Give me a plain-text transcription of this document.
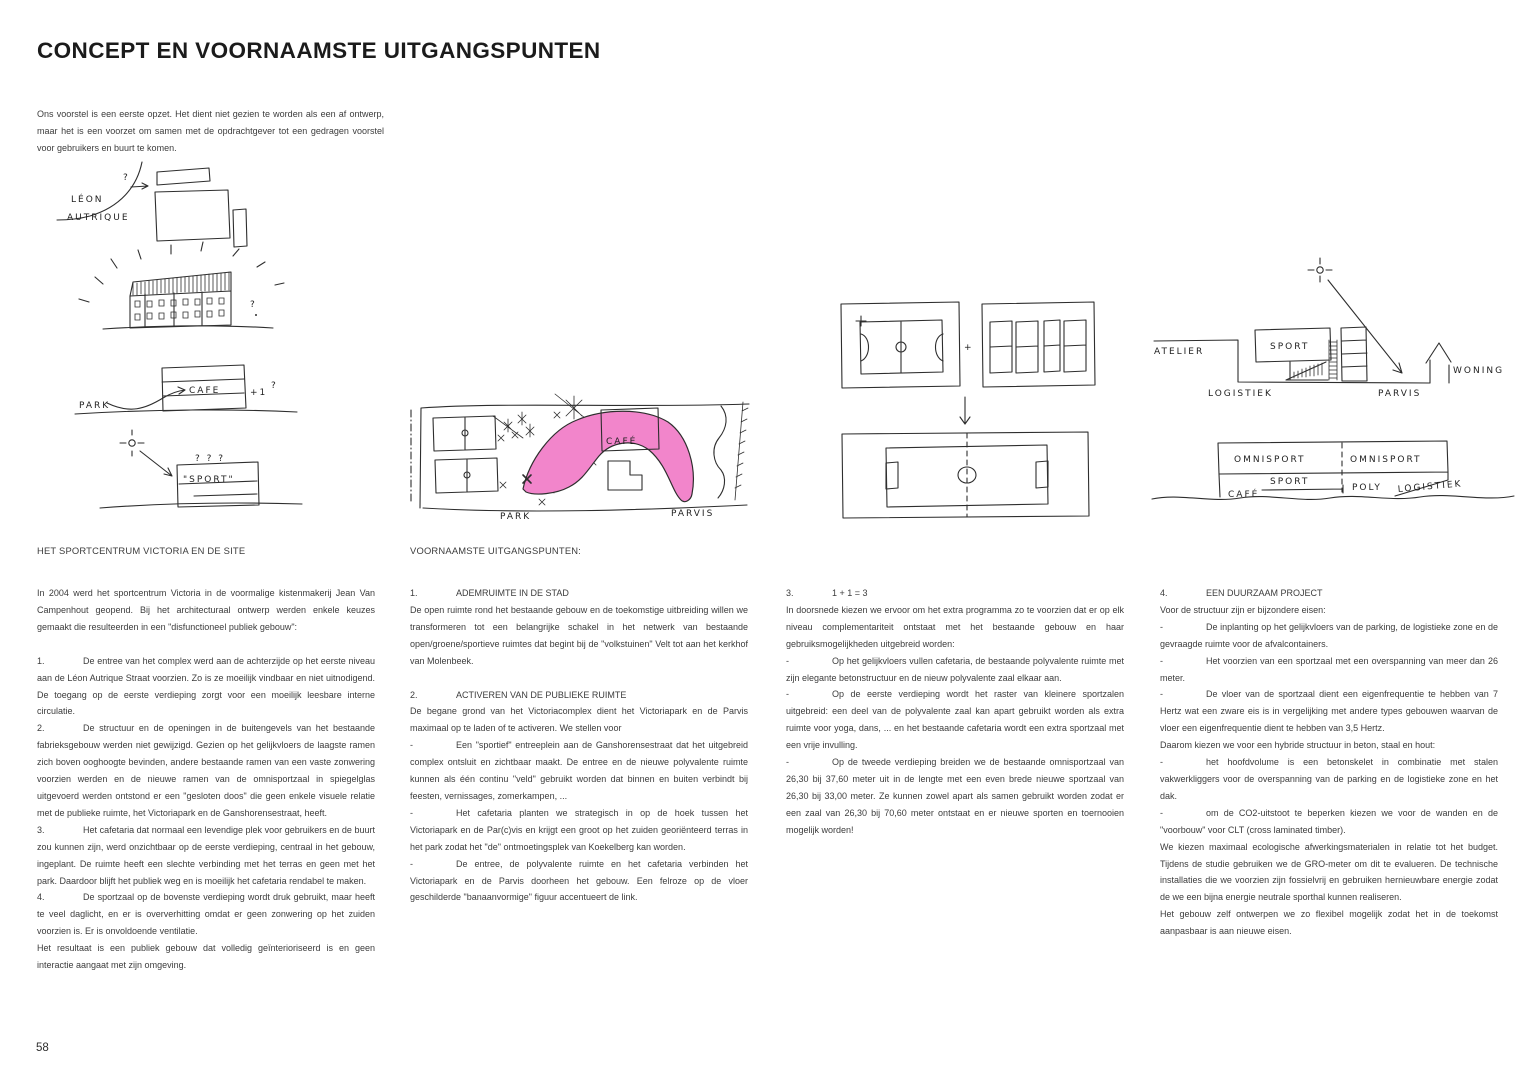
CONCEPT EN VOORNAAMSTE UITGANGSPUNTEN
Ons voorstel is een eerste opzet. Het dient niet gezien te worden als een af ontwerp, maar het is een voorzet om samen met de opdrachtgever tot een gedragen voorstel voor gebruikers en buurt te komen.
?
LÉON
AUTRIQUE
?
CAFE
PARK
+1
?
? ? ?
"SPORT"
CAFÉ
PARK	PARVIS
+	SPORT
ATELIER
LOGISTIEK	PARVIS
WONING
OMNISPORT	OMNISPORT
SPORT
CAFÉ
POLY LOGISTIEK
HET SPORTCENTRUM VICTORIA EN DE SITE

In 2004 werd het sportcentrum Victoria in de voormalige kistenmakerij Jean Van Campenhout geopend. Bij het architecturaal ontwerp werden enkele keuzes gemaakt die resulteerden in een "disfunctioneel publiek gebouw":

1.	De entree van het complex werd aan de achterzijde op het eerste niveau aan de Léon Autrique Straat voorzien. Zo is ze moeilijk vindbaar en niet uitnodigend. De toegang op de eerste verdieping zorgt voor een moeilijk leesbare interne circulatie.

2.	De structuur en de openingen in de buitengevels van het bestaande fabrieksgebouw werden niet gewijzigd. Gezien op het gelijkvloers de laagste ramen zich boven ooghoogte bevinden, andere bestaande ramen van een vaste zonwering voorzien werden en de nieuwe ramen van de omnisportzaal in spiegelglas uitgevoerd werden ontstond er een "gesloten doos" die geen enkele visuele relatie met de publieke ruimte, het Victoriapark en de Ganshorensestraat, heeft.

3.	Het cafetaria dat normaal een levendige plek voor gebruikers en de buurt zou kunnen zijn, werd onzichtbaar op de eerste verdieping, centraal in het gebouw, ingeplant. De ruimte heeft een slechte verbinding met het terras en geen met het park. Daardoor blijft het publiek weg en is moeilijk het cafetaria rendabel te maken.

4.	De sportzaal op de bovenste verdieping wordt druk gebruikt, maar heeft te veel daglicht, en er is oververhitting omdat er geen zonwering op het zuiden voorzien is. Er is onvoldoende ventilatie.

Het resultaat is een publiek gebouw dat volledig geïnterioriseerd is en geen interactie aangaat met zijn omgeving.

VOORNAAMSTE UITGANGSPUNTEN:

1.	ADEMRUIMTE IN DE STAD

De open ruimte rond het bestaande gebouw en de toekomstige uitbreiding willen we transformeren tot een belangrijke schakel in het netwerk van bestaande open/groene/sportieve ruimtes dat begint bij de "volkstuinen" Velt tot aan het kerkhof van Molenbeek.

2.	ACTIVEREN VAN DE PUBLIEKE RUIMTE

De begane grond van het Victoriacomplex dient het Victoriapark en de Parvis maximaal op te laden of te activeren. We stellen voor

-	Een "sportief" entreeplein aan de Ganshorensestraat dat het uitgebreid complex ontsluit en zichtbaar maakt. De entree en de nieuwe polyvalente ruimte kunnen als één continu "veld" gebruikt worden dat binnen en buiten verbindt bij feesten, vernissages, zomerkampen, ...

-	Het cafetaria planten we strategisch in op de hoek tussen het Victoriapark en de Par(c)vis en krijgt een groot op het zuiden georiënteerd terras in het park zodat het "de" ontmoetingsplek van Koekelberg kan worden.

-	De entree, de polyvalente ruimte en het cafetaria verbinden het Victoriapark en de Parvis doorheen het gebouw. Een felroze op de vloer geschilderde "banaanvormige" figuur accentueert de link.

3.	1 + 1 = 3

In doorsnede kiezen we ervoor om het extra programma zo te voorzien dat er op elk niveau complementariteit ontstaat met het bestaande gebouw en haar gebruiksmogelijkheden uitgebreid worden:

-	Op het gelijkvloers vullen cafetaria, de bestaande polyvalente ruimte met zijn elegante betonstructuur en de nieuw polyvalente zaal elkaar aan.

-	Op de eerste verdieping wordt het raster van kleinere sportzalen uitgebreid: een deel van de polyvalente zaal kan apart gebruikt worden als extra ruimte voor yoga, dans, ... en het bestaande cafetaria wordt een extra sportzaal met een vrije invulling.

-	Op de tweede verdieping breiden we de bestaande omnisportzaal van 26,30 bij 37,60 meter uit in de lengte met een even brede nieuwe sportzaal van 26,30 bij 33,00 meter. Ze kunnen zowel apart als samen gebruikt worden zodat er een zaal van 26,30 bij 70,60 meter ontstaat en er nieuwe sporten en toernooien mogelijk worden!

4.	EEN DUURZAAM PROJECT

Voor de structuur zijn er bijzondere eisen:

-	De inplanting op het gelijkvloers van de parking, de logistieke zone en de gevraagde ruimte voor de afvalcontainers.

-	Het voorzien van een sportzaal met een overspanning van meer dan 26 meter.

-	De vloer van de sportzaal dient een eigenfrequentie te hebben van 7 Hertz wat een zware eis is in vergelijking met andere types gebouwen waarvan de vloer een eigenfrequentie dient te hebben van 3,5 Hertz.

Daarom kiezen we voor een hybride structuur in beton, staal en hout:

-	het hoofdvolume is een betonskelet in combinatie met stalen vakwerkliggers voor de overspanning van de parking en de logistieke zone en het dak.

-	om de CO2-uitstoot te beperken kiezen we voor de wanden en de "voorbouw" voor CLT (cross laminated timber).

We kiezen maximaal ecologische afwerkingsmaterialen in relatie tot het budget. Tijdens de studie gebruiken we de GRO-meter om dit te evalueren. De technische installaties die we voorzien zijn fossielvrij en gebruiken hernieuwbare energie zodat de we een bijna energie neutrale sporthal kunnen realiseren.

Het gebouw zelf ontwerpen we zo flexibel mogelijk zodat het in de toekomst aanpasbaar is aan nieuwe eisen.

58
